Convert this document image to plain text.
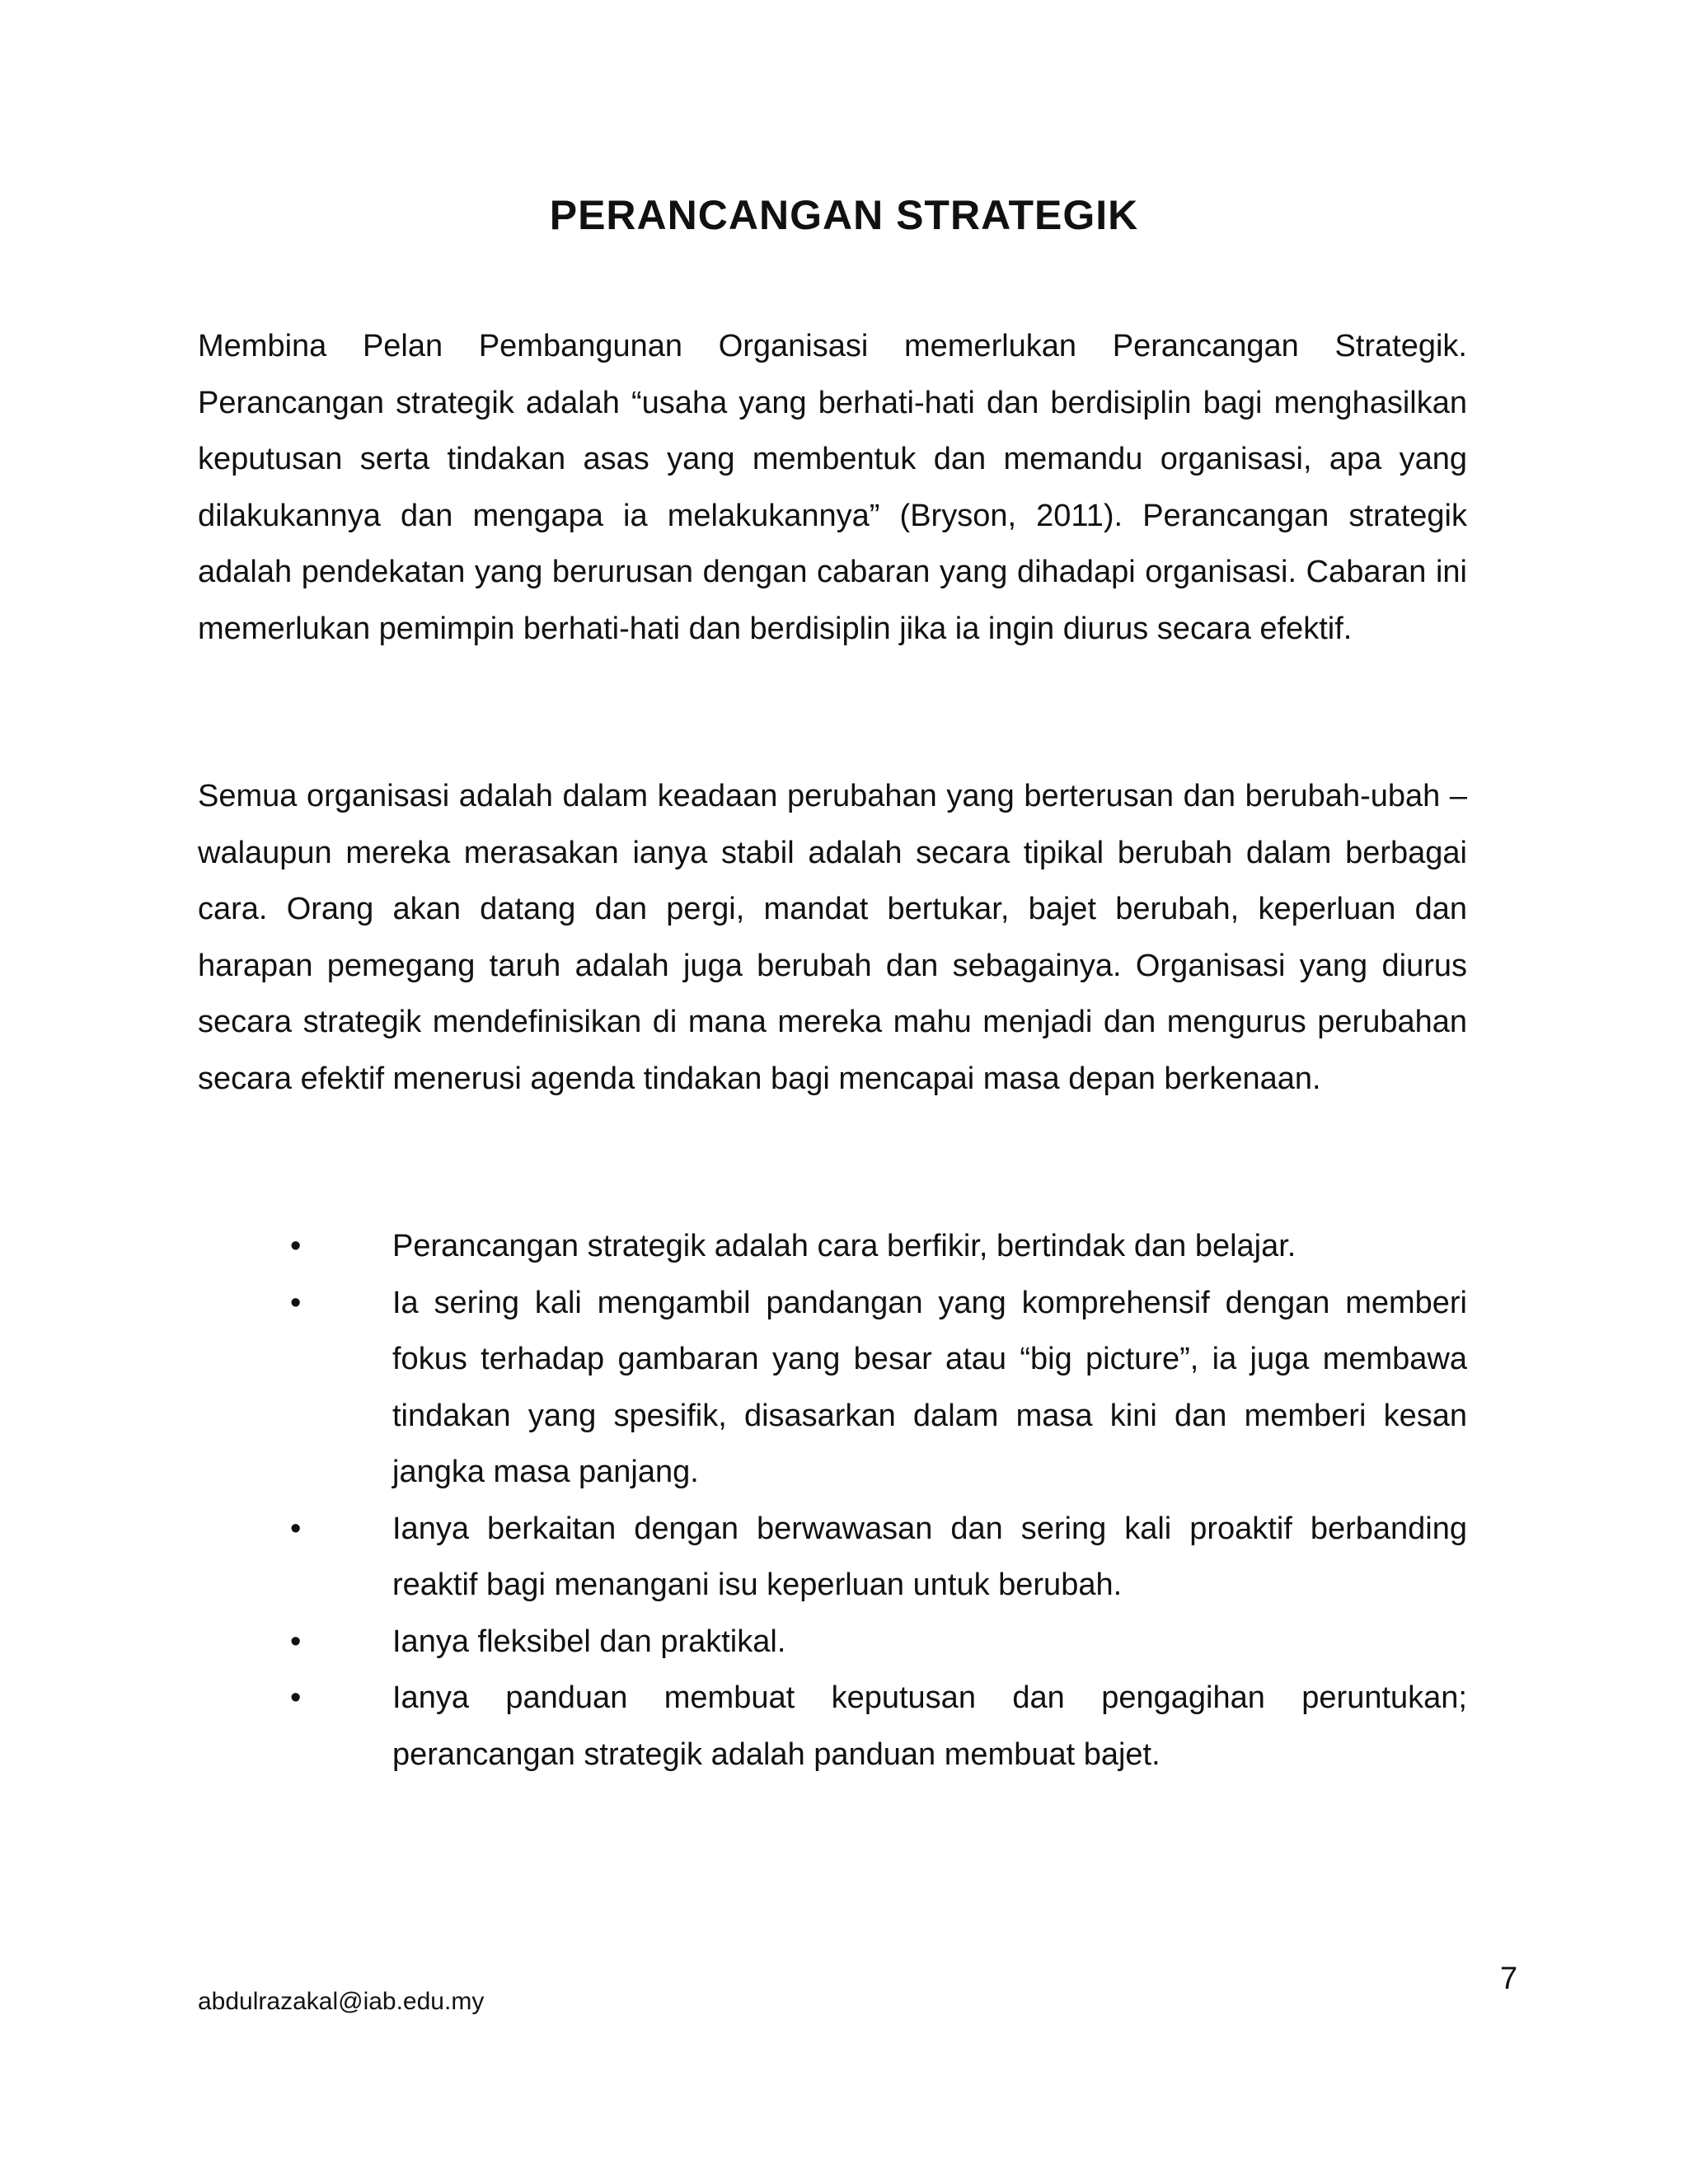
PERANCANGAN STRATEGIK

Membina Pelan Pembangunan Organisasi memerlukan Perancangan Strategik. Perancangan strategik adalah “usaha yang berhati-hati dan berdisiplin bagi menghasilkan keputusan serta tindakan asas yang membentuk dan memandu organisasi, apa yang dilakukannya dan mengapa ia melakukannya” (Bryson, 2011). Perancangan strategik adalah pendekatan yang berurusan dengan cabaran yang dihadapi organisasi. Cabaran ini memerlukan pemimpin berhati-hati dan berdisiplin jika ia ingin diurus secara efektif.

Semua organisasi adalah dalam keadaan perubahan yang berterusan dan berubah-ubah – walaupun mereka merasakan ianya stabil adalah secara tipikal berubah dalam berbagai cara. Orang akan datang dan pergi, mandat bertukar, bajet berubah, keperluan dan harapan pemegang taruh adalah juga berubah dan sebagainya. Organisasi yang diurus secara strategik mendefinisikan di mana mereka mahu menjadi dan mengurus perubahan secara efektif menerusi agenda tindakan bagi mencapai masa depan berkenaan.

•	Perancangan strategik adalah cara berfikir, bertindak dan belajar.
•	Ia sering kali mengambil pandangan yang komprehensif dengan memberi fokus terhadap gambaran yang besar atau “big picture”, ia juga membawa tindakan yang spesifik, disasarkan dalam masa kini dan memberi kesan jangka masa panjang.
•	Ianya berkaitan dengan berwawasan dan sering kali proaktif berbanding reaktif bagi menangani isu keperluan untuk berubah.
•	Ianya fleksibel dan praktikal.
•	Ianya panduan membuat keputusan dan pengagihan peruntukan; perancangan strategik adalah panduan membuat bajet.
abdulrazakal@iab.edu.my
7
